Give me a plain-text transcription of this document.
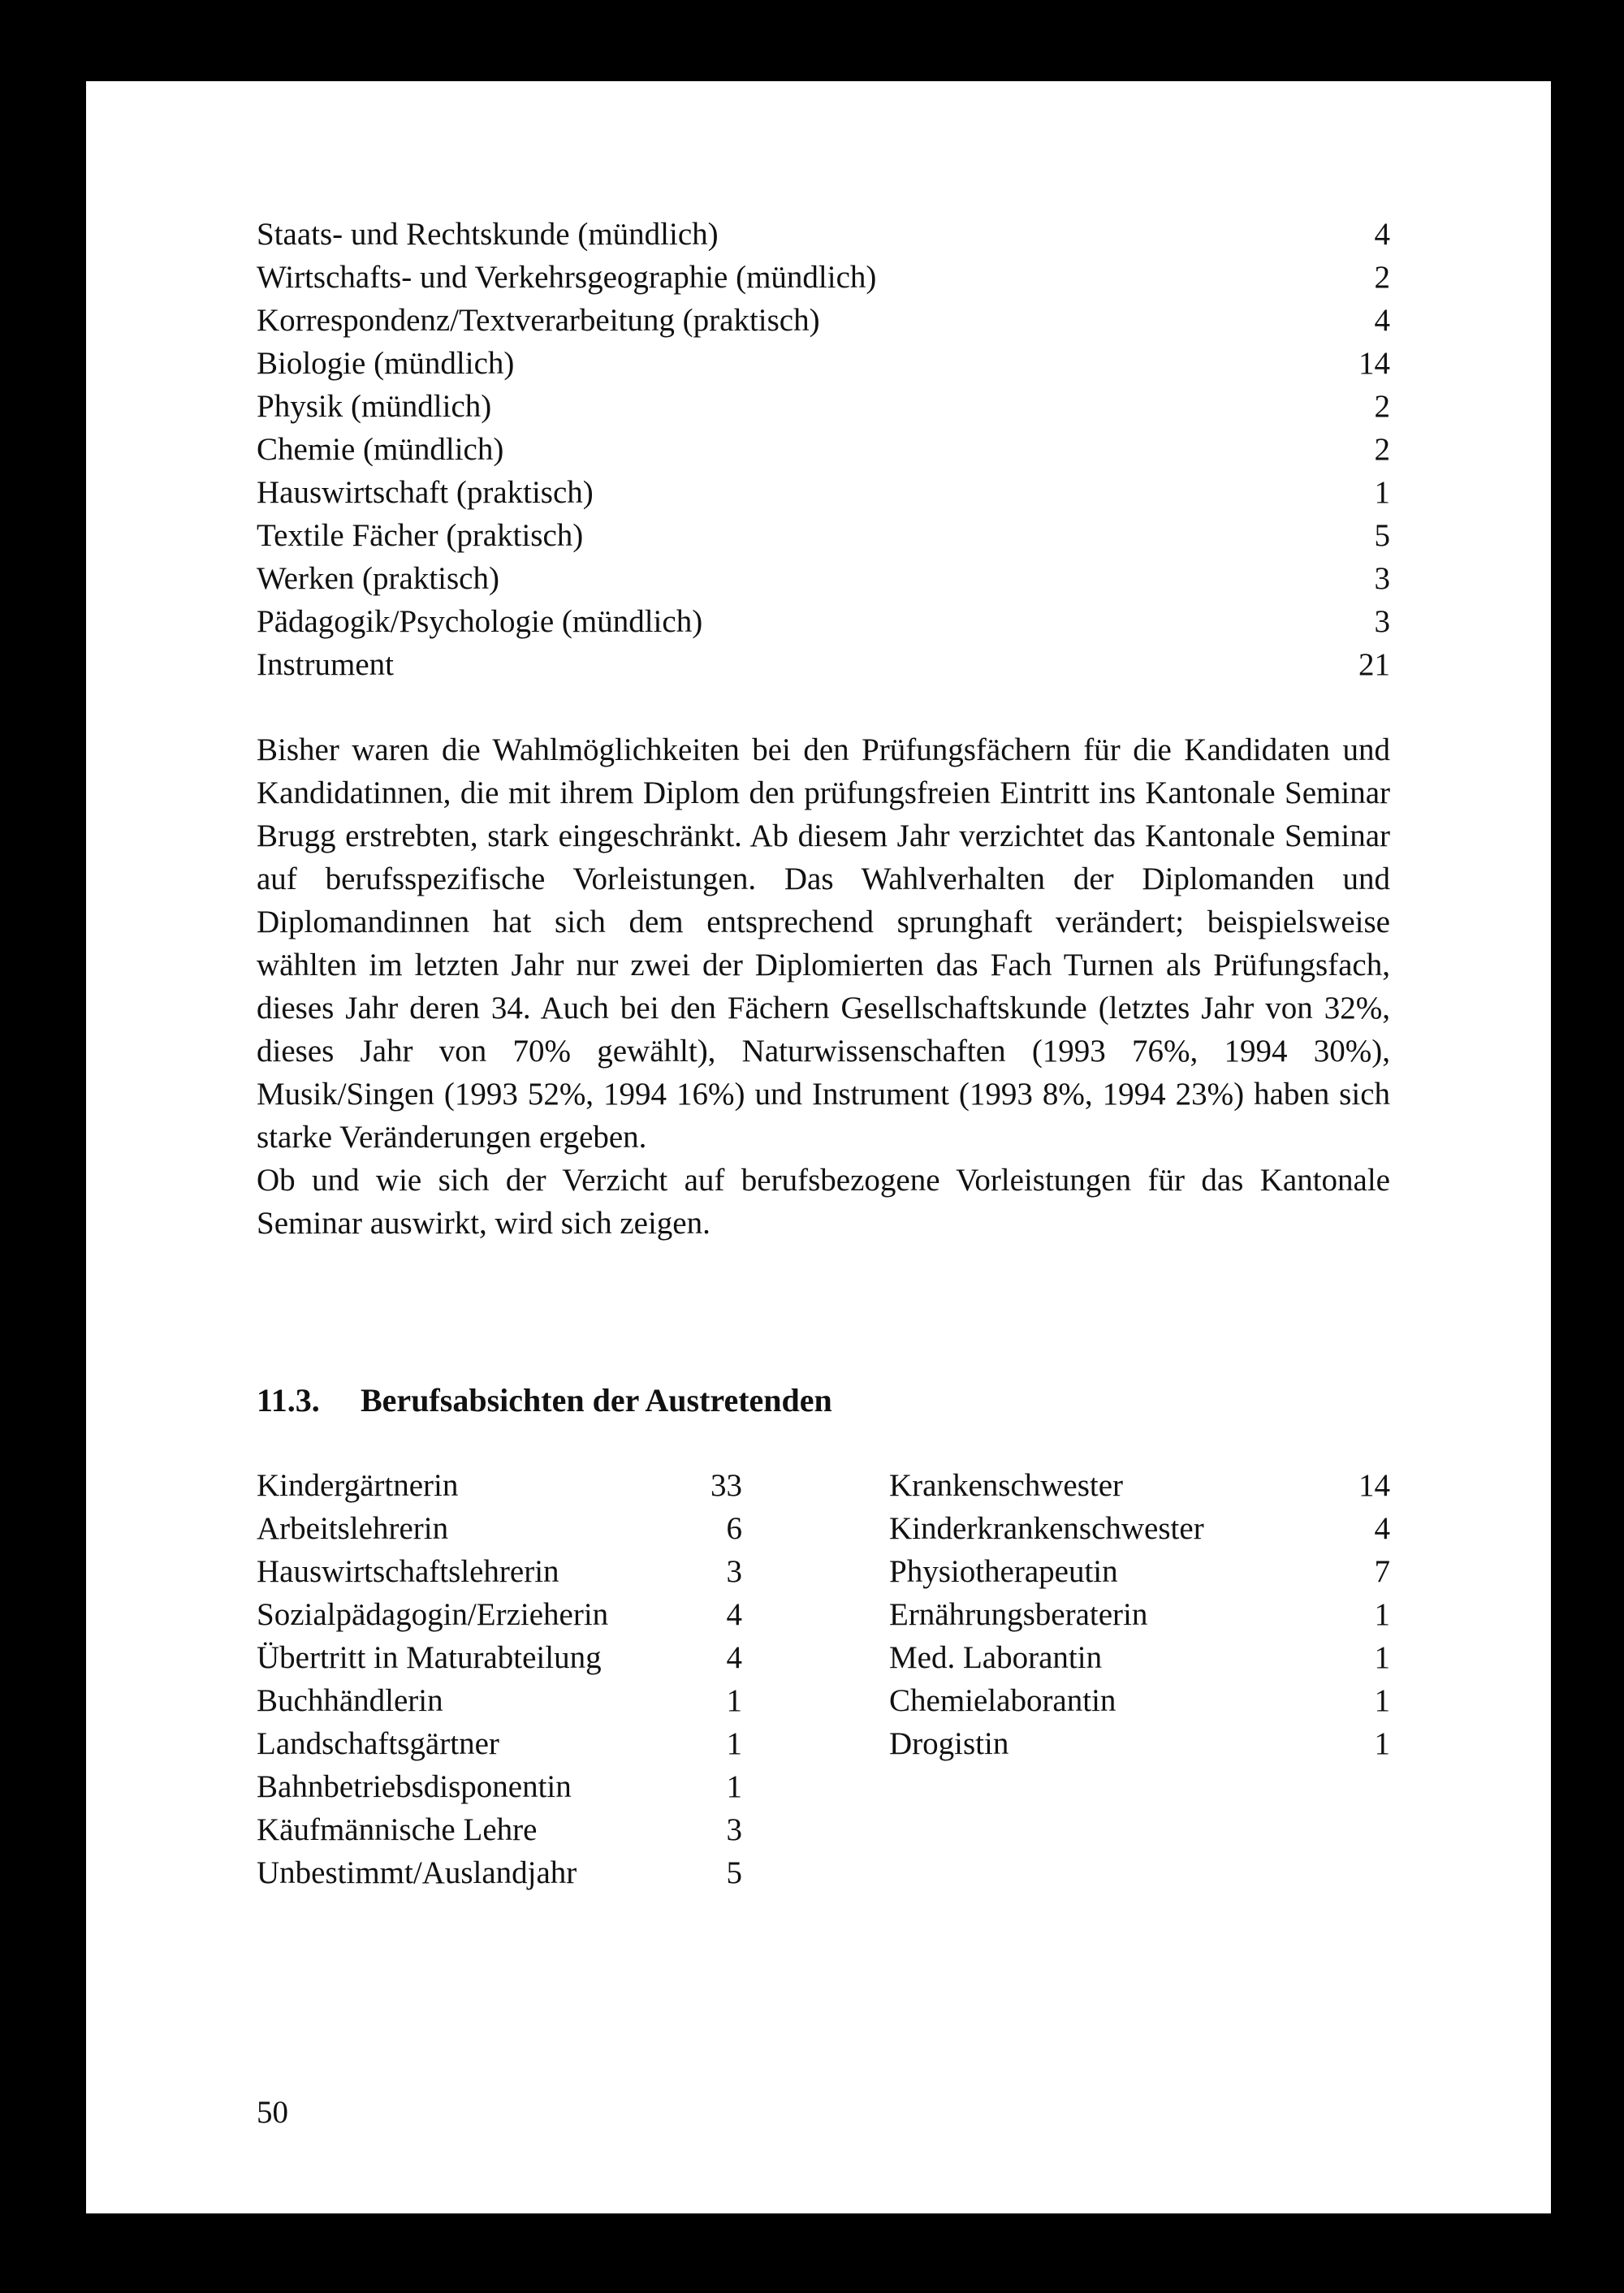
Staats- und Rechtskunde (mündlich)	4
Wirtschafts- und Verkehrsgeographie (mündlich)	2
Korrespondenz/Textverarbeitung (praktisch)	4
Biologie (mündlich)	14
Physik (mündlich)	2
Chemie (mündlich)	2
Hauswirtschaft (praktisch)	1
Textile Fächer (praktisch)	5
Werken (praktisch)	3
Pädagogik/Psychologie (mündlich)	3
Instrument	21

Bisher waren die Wahlmöglichkeiten bei den Prüfungsfächern für die Kandidaten und Kandidatinnen, die mit ihrem Diplom den prüfungsfreien Eintritt ins Kantonale Seminar Brugg erstrebten, stark eingeschränkt. Ab diesem Jahr verzichtet das Kantonale Seminar auf berufsspezifische Vorleistungen. Das Wahlverhalten der Diplomanden und Diplomandinnen hat sich dem entsprechend sprunghaft verändert; beispielsweise wählten im letzten Jahr nur zwei der Diplomierten das Fach Turnen als Prüfungsfach, dieses Jahr deren 34. Auch bei den Fächern Gesellschaftskunde (letztes Jahr von 32%, dieses Jahr von 70% gewählt), Naturwissenschaften (1993 76%, 1994 30%), Musik/Singen (1993 52%, 1994 16%) und Instrument (1993 8%, 1994 23%) haben sich starke Veränderungen ergeben.

Ob und wie sich der Verzicht auf berufsbezogene Vorleistungen für das Kantonale Seminar auswirkt, wird sich zeigen.

11.3. Berufsabsichten der Austretenden
Kindergärtnerin	33
Arbeitslehrerin	6
Hauswirtschaftslehrerin	3
Sozialpädagogin/Erzieherin	4
Übertritt in Maturabteilung	4
Buchhändlerin	1
Landschaftsgärtner	1
Bahnbetriebsdisponentin	1
Käufmännische Lehre	3
Unbestimmt/Auslandjahr	5
Krankenschwester	14
Kinderkrankenschwester	4
Physiotherapeutin	7
Ernährungsberaterin	1
Med. Laborantin	1
Chemielaborantin	1
Drogistin	1
50
